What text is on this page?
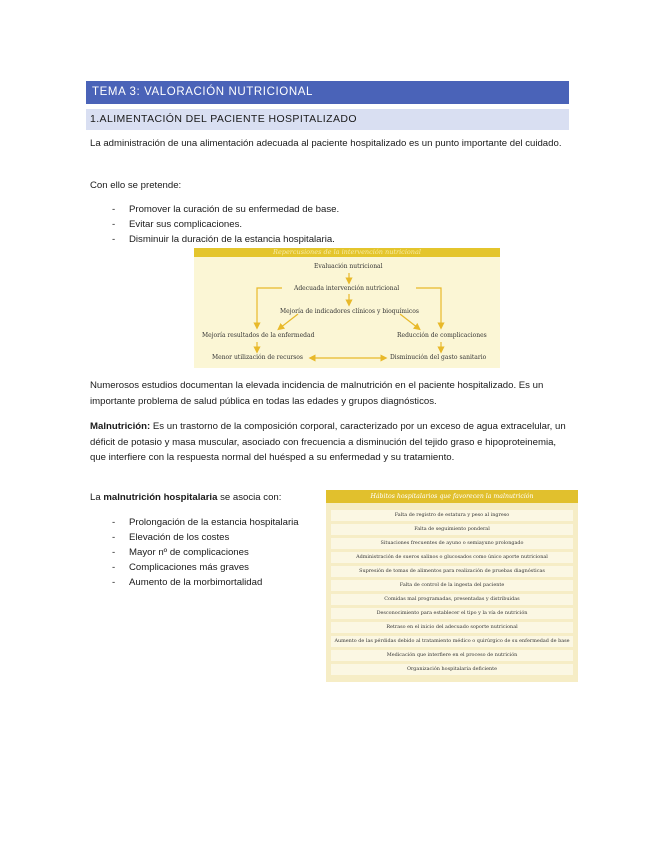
TEMA 3: VALORACIÓN NUTRICIONAL
1.ALIMENTACIÓN DEL PACIENTE HOSPITALIZADO
La administración de una alimentación adecuada al paciente hospitalizado es un punto importante del cuidado.
Con ello se pretende:
- Promover la curación de su enfermedad de base.
- Evitar sus complicaciones.
- Disminuir la duración de la estancia hospitalaria.
Repercusiones de la intervención nutricional
Evaluación nutricional
Adecuada intervención nutricional
Mejoría de indicadores clínicos y bioquímicos
Mejoría resultados de la enfermedad	Reducción de complicaciones
Menor utilización de recursos	Disminución del gasto sanitario
Numerosos estudios documentan la elevada incidencia de malnutrición en el paciente hospitalizado. Es un importante problema de salud pública en todas las edades y grupos diagnósticos.
Malnutrición: Es un trastorno de la composición corporal, caracterizado por un exceso de agua extracelular, un déficit de potasio y masa muscular, asociado con frecuencia a disminución del tejido graso e hipoproteinemia, que interfiere con la respuesta normal del huésped a su enfermedad y su tratamiento.
La malnutrición hospitalaria se asocia con:
- Prolongación de la estancia hospitalaria
- Elevación de los costes
- Mayor nº de complicaciones
- Complicaciones más graves
- Aumento de la morbimortalidad
Hábitos hospitalarios que favorecen la malnutrición
Falta de registro de estatura y peso al ingreso
Falta de seguimiento ponderal
Situaciones frecuentes de ayuno o semiayuno prolongado
Administración de sueros salinos o glucosados como único aporte nutricional
Supresión de tomas de alimentos para realización de pruebas diagnósticas
Falta de control de la ingesta del paciente
Comidas mal programadas, presentadas y distribuidas
Desconocimiento para establecer el tipo y la vía de nutrición
Retraso en el inicio del adecuado soporte nutricional
Aumento de las pérdidas debido al tratamiento médico o quirúrgico de su enfermedad de base
Medicación que interfiere en el proceso de nutrición
Organización hospitalaria deficiente
